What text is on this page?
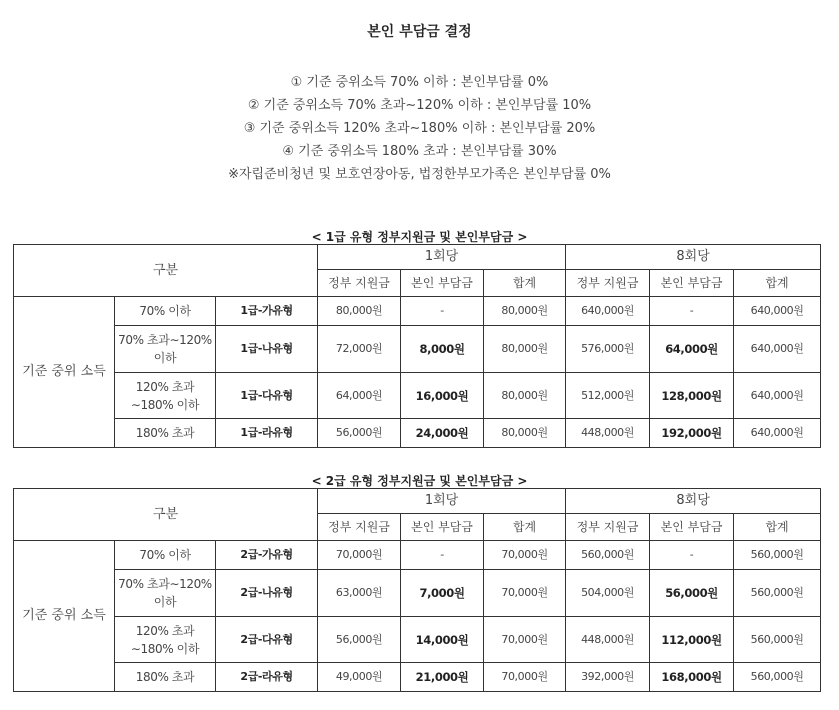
본인 부담금 결정
① 기준 중위소득 70% 이하 : 본인부담률 0%
② 기준 중위소득 70% 초과∼120% 이하 : 본인부담률 10%
③ 기준 중위소득 120% 초과∼180% 이하 : 본인부담률 20%
④ 기준 중위소득 180% 초과 : 본인부담률 30%
※자립준비청년 및 보호연장아동, 법정한부모가족은 본인부담률 0%
< 1급 유형 정부지원금 및 본인부담금 >
구분			1회당			8회당		
			정부 지원금	본인 부담금	합계	정부 지원금	본인 부담금	합계
기준 중위 소득	70% 이하	1급-가유형	80,000원	-	80,000원	640,000원	-	640,000원
	70% 초과∼120% 이하	1급-나유형	72,000원	8,000원	80,000원	576,000원	64,000원	640,000원
	120% 초과∼180% 이하	1급-다유형	64,000원	16,000원	80,000원	512,000원	128,000원	640,000원
	180% 초과	1급-라유형	56,000원	24,000원	80,000원	448,000원	192,000원	640,000원
< 2급 유형 정부지원금 및 본인부담금 >
구분			1회당			8회당		
			정부 지원금	본인 부담금	합계	정부 지원금	본인 부담금	합계
기준 중위 소득	70% 이하	2급-가유형	70,000원	-	70,000원	560,000원	-	560,000원
	70% 초과∼120% 이하	2급-나유형	63,000원	7,000원	70,000원	504,000원	56,000원	560,000원
	120% 초과∼180% 이하	2급-다유형	56,000원	14,000원	70,000원	448,000원	112,000원	560,000원
	180% 초과	2급-라유형	49,000원	21,000원	70,000원	392,000원	168,000원	560,000원
